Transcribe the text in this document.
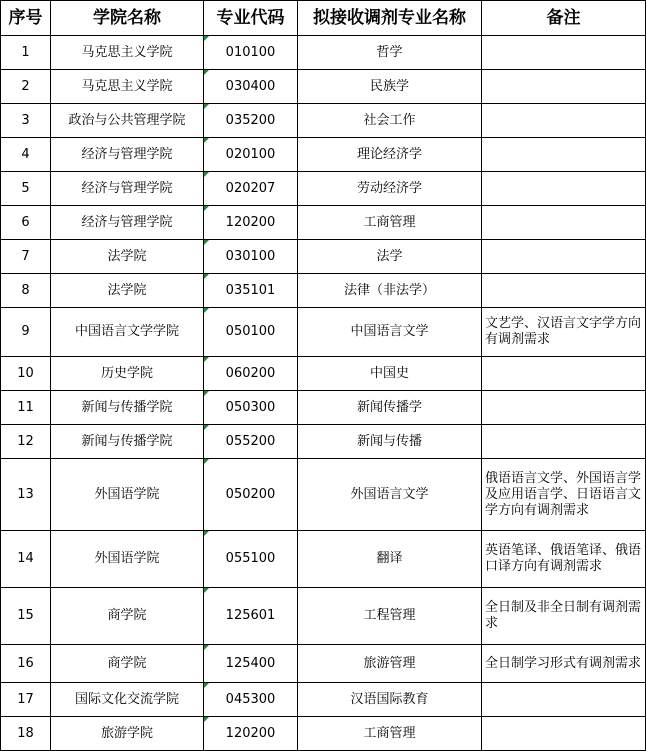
序号	学院名称	专业代码	拟接收调剂专业名称	备注
1	马克思主义学院	010100	哲学	
2	马克思主义学院	030400	民族学	
3	政治与公共管理学院	035200	社会工作	
4	经济与管理学院	020100	理论经济学	
5	经济与管理学院	020207	劳动经济学	
6	经济与管理学院	120200	工商管理	
7	法学院	030100	法学	
8	法学院	035101	法律（非法学）	
9	中国语言文学学院	050100	中国语言文学	文艺学、汉语言文字学方向有调剂需求
10	历史学院	060200	中国史	
11	新闻与传播学院	050300	新闻传播学	
12	新闻与传播学院	055200	新闻与传播	
13	外国语学院	050200	外国语言文学	俄语语言文学、外国语言学及应用语言学、日语语言文学方向有调剂需求
14	外国语学院	055100	翻译	英语笔译、俄语笔译、俄语口译方向有调剂需求
15	商学院	125601	工程管理	全日制及非全日制有调剂需求
16	商学院	125400	旅游管理	全日制学习形式有调剂需求
17	国际文化交流学院	045300	汉语国际教育	
18	旅游学院	120200	工商管理	
